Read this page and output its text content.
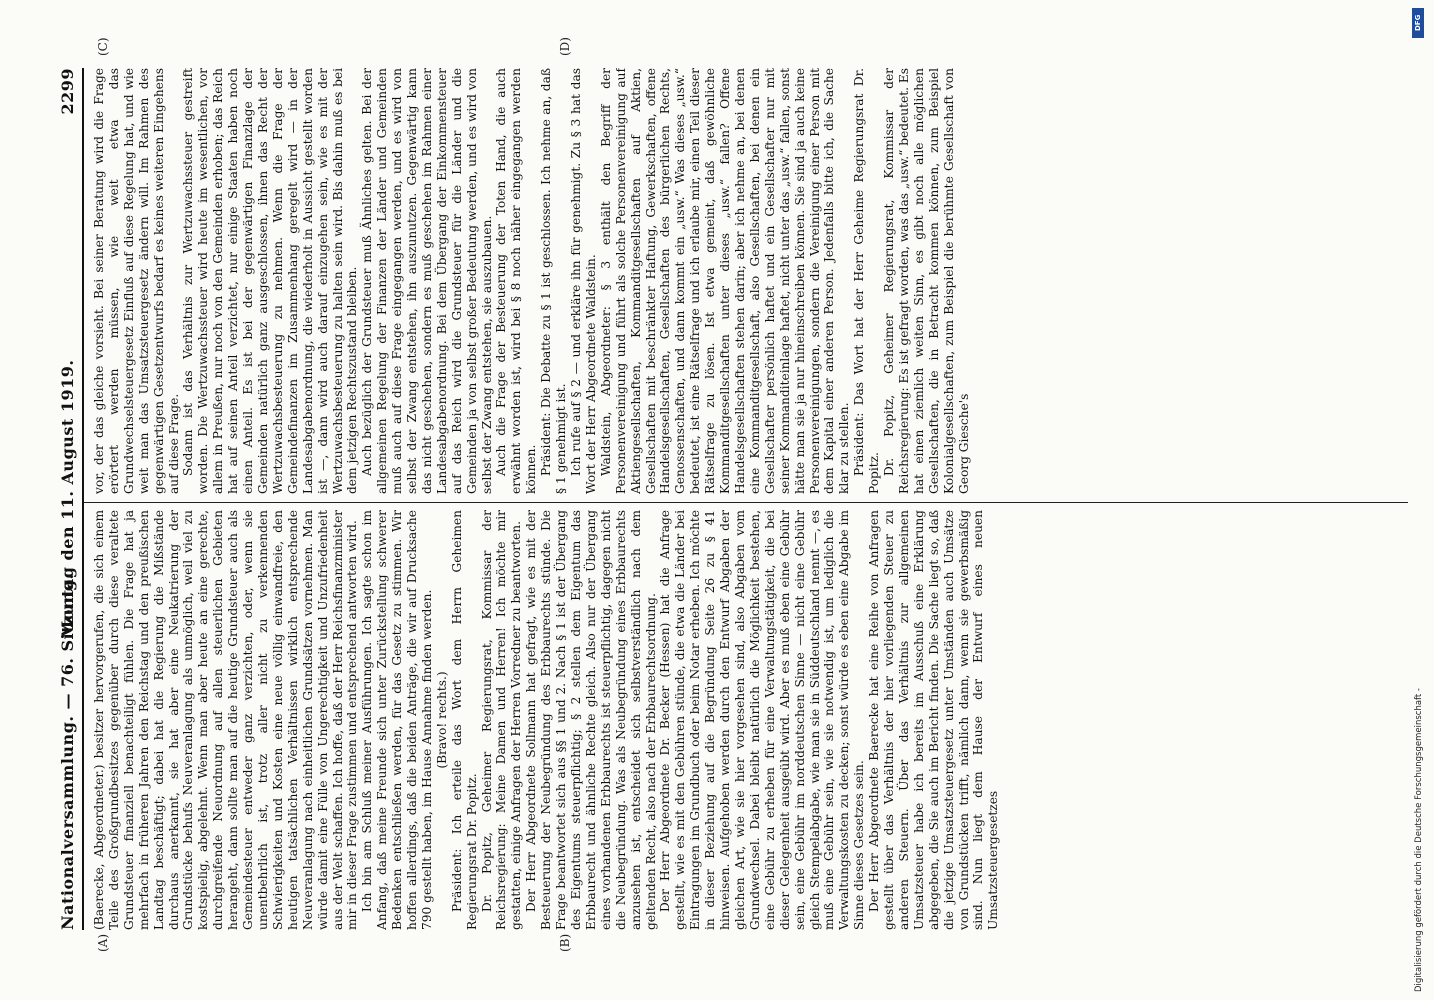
Nationalversammlung. — 76. Sitzung.
Montag den 11. August 1919.
2299
(A)	(B)
(C)	(D)

(Baerecke, Abgeordneter.) besitzer hervorgerufen, die sich einem Teile des Großgrundbesitzes gegenüber durch diese veraltete Grundsteuer finanziell benachteiligt fühlen. Die Frage hat ja mehrfach in früheren Jahren den Reichstag und den preußischen Landtag beschäftigt; dabei hat die Regierung die Mißstände durchaus anerkannt, sie hat aber eine Neukatrierung der Grundstücke behufs Neuveranlagung als unmöglich, weil viel zu kostspielig, abgelehnt. Wenn man aber heute an eine gerechte, durchgreifende Neuordnung auf allen steuerlichen Gebieten herangeht, dann sollte man auf die heutige Grundsteuer auch als Gemeindesteuer entweder ganz verzichten, oder, wenn sie unentbehrlich ist, trotz aller nicht zu verkennenden Schwierigkeiten und Kosten eine neue völlig einwandfreie, den heutigen tatsächlichen Verhältnissen wirklich entsprechende Neuveranlagung nach einheitlichen Grundsätzen vornehmen. Man würde damit eine Fülle von Ungerechtigkeit und Unzufriedenheit aus der Welt schaffen. Ich hoffe, daß der Herr Reichsfinanzminister mir in dieser Frage zustimmen und entsprechend antworten wird. Ich bin am Schluß meiner Ausführungen. Ich sagte schon im Anfang, daß meine Freunde sich unter Zurückstellung schwerer Bedenken entschließen werden, für das Gesetz zu stimmen. Wir hoffen allerdings, daß die beiden Anträge, die wir auf Drucksache 790 gestellt haben, im Hause Annahme finden werden. (Bravo! rechts.) Präsident: Ich erteile das Wort dem Herrn Geheimen Regierungsrat Dr. Popitz. Dr. Popitz, Geheimer Regierungsrat, Kommissar der Reichsregierung: Meine Damen und Herren! Ich möchte mir gestatten, einige Anfragen der Herren Vorredner zu beantworten. Der Herr Abgeordnete Sollmann hat gefragt, wie es mit der Besteuerung der Neubegründung des Erbbaurechts stünde. Die Frage beantwortet sich aus §§ 1 und 2. Nach § 1 ist der Übergang des Eigentums steuerpflichtig; § 2 stellen dem Eigentum das Erbbaurecht und ähnliche Rechte gleich. Also nur der Übergang eines vorhandenen Erbbaurechts ist steuerpflichtig, dagegen nicht die Neubegründung. Was als Neubegründung eines Erbbaurechts anzusehen ist, entscheidet sich selbstverständlich nach dem geltenden Recht, also nach der Erbbaurechtsordnung. Der Herr Abgeordnete Dr. Becker (Hessen) hat die Anfrage gestellt, wie es mit den Gebühren stünde, die etwa die Länder bei Eintragungen im Grundbuch oder beim Notar erheben. Ich möchte in dieser Beziehung auf die Begründung Seite 26 zu § 41 hinweisen. Aufgehoben werden durch den Entwurf Abgaben der gleichen Art, wie sie hier vorgesehen sind, also Abgaben vom Grundwechsel. Dabei bleibt natürlich die Möglichkeit bestehen, eine Gebühr zu erheben für eine Verwaltungstätigkeit, die bei dieser Gelegenheit ausgeübt wird. Aber es muß eben eine Gebühr sein, eine Gebühr im norddeutschen Sinne — nicht eine Gebühr gleich Stempelabgabe, wie man sie in Süddeutschland nennt —, es muß eine Gebühr sein, wie sie notwendig ist, um lediglich die Verwaltungskosten zu decken; sonst würde es eben eine Abgabe im Sinne dieses Gesetzes sein. Der Herr Abgeordnete Baerecke hat eine Reihe von Anfragen gestellt über das Verhältnis der hier vorliegenden Steuer zu anderen Steuern. Über das Verhältnis zur allgemeinen Umsatzsteuer habe ich bereits im Ausschuß eine Erklärung abgegeben, die Sie auch im Bericht finden. Die Sache liegt so, daß die jetzige Umsatzsteuergesetz unter Umständen auch Umsätze von Grundstücken trifft, nämlich dann, wenn sie gewerbsmäßig sind. Nun liegt dem Hause der Entwurf eines neuen Umsatzsteuergesetzes

vor, der das gleiche vorsieht. Bei seiner Beratung wird die Frage erörtert werden müssen, wie weit etwa das Grundwechselsteuergesetz Einfluß auf diese Regelung hat, und wie weit man das Umsatzsteuergesetz ändern will. Im Rahmen des gegenwärtigen Gesetzentwurfs bedarf es keines weiteren Eingehens auf diese Frage. Sodann ist das Verhältnis zur Wertzuwachssteuer gestreift worden. Die Wertzuwachssteuer wird heute im wesentlichen, vor allem in Preußen, nur noch von den Gemeinden erhoben; das Reich hat auf seinen Anteil verzichtet, nur einige Staaten haben noch einen Anteil. Es ist bei der gegenwärtigen Finanzlage der Gemeinden natürlich ganz ausgeschlossen, ihnen das Recht der Wertzuwachsbesteuerung zu nehmen. Wenn die Frage der Gemeindefinanzen im Zusammenhang geregelt wird — in der Landesabgabenordnung, die wiederholt in Aussicht gestellt worden ist —, dann wird auch darauf einzugehen sein, wie es mit der Wertzuwachsbesteuerung zu halten sein wird. Bis dahin muß es bei dem jetzigen Rechtszustand bleiben. Auch bezüglich der Grundsteuer muß Ähnliches gelten. Bei der allgemeinen Regelung der Finanzen der Länder und Gemeinden muß auch auf diese Frage eingegangen werden, und es wird von selbst der Zwang entstehen, ihn auszunutzen. Gegenwärtig kann das nicht geschehen, sondern es muß geschehen im Rahmen einer Landesabgabenordnung. Bei dem Übergang der Einkommensteuer auf das Reich wird die Grundsteuer für die Länder und die Gemeinden ja von selbst großer Bedeutung werden, und es wird von selbst der Zwang entstehen, sie auszubauen. Auch die Frage der Besteuerung der Toten Hand, die auch erwähnt worden ist, wird bei § 8 noch näher eingegangen werden können. Präsident: Die Debatte zu § 1 ist geschlossen. Ich nehme an, daß § 1 genehmigt ist. Ich rufe auf § 2 — und erkläre ihn für genehmigt. Zu § 3 hat das Wort der Herr Abgeordnete Waldstein. Waldstein, Abgeordneter: § 3 enthält den Begriff der Personenvereinigung und führt als solche Personenvereinigung auf Aktiengesellschaften, Kommanditgesellschaften auf Aktien, Gesellschaften mit beschränkter Haftung, Gewerkschaften, offene Handelsgesellschaften, Gesellschaften des bürgerlichen Rechts, Genossenschaften, und dann kommt ein „usw.“ Was dieses „usw.“ bedeutet, ist eine Rätselfrage und ich erlaube mir, einen Teil dieser Rätselfrage zu lösen. Ist etwa gemeint, daß gewöhnliche Kommanditgesellschaften unter dieses „usw.“ fallen? Offene Handelsgesellschaften stehen darin; aber ich nehme an, bei denen eine Kommanditgesellschaft, also Gesellschaften, bei denen ein Gesellschafter persönlich haftet und ein Gesellschafter nur mit seiner Kommanditeinlage haftet, nicht unter das „usw.“ fallen, sonst hätte man sie ja nur hineinschreiben können. Sie sind ja auch keine Personenvereinigungen, sondern die Vereinigung einer Person mit dem Kapital einer anderen Person. Jedenfalls bitte ich, die Sache klar zu stellen. Präsident: Das Wort hat der Herr Geheime Regierungsrat Dr. Popitz. Dr. Popitz, Geheimer Regierungsrat, Kommissar der Reichsregierung: Es ist gefragt worden, was das „usw.“ bedeutet. Es hat einen ziemlich weiten Sinn, es gibt noch alle möglichen Gesellschaften, die in Betracht kommen können, zum Beispiel Kolonialgesellschaften, zum Beispiel die berühmte Gesellschaft von Georg Giesche's

DFG
Digitalisierung gefördert durch die Deutsche Forschungsgemeinschaft -
